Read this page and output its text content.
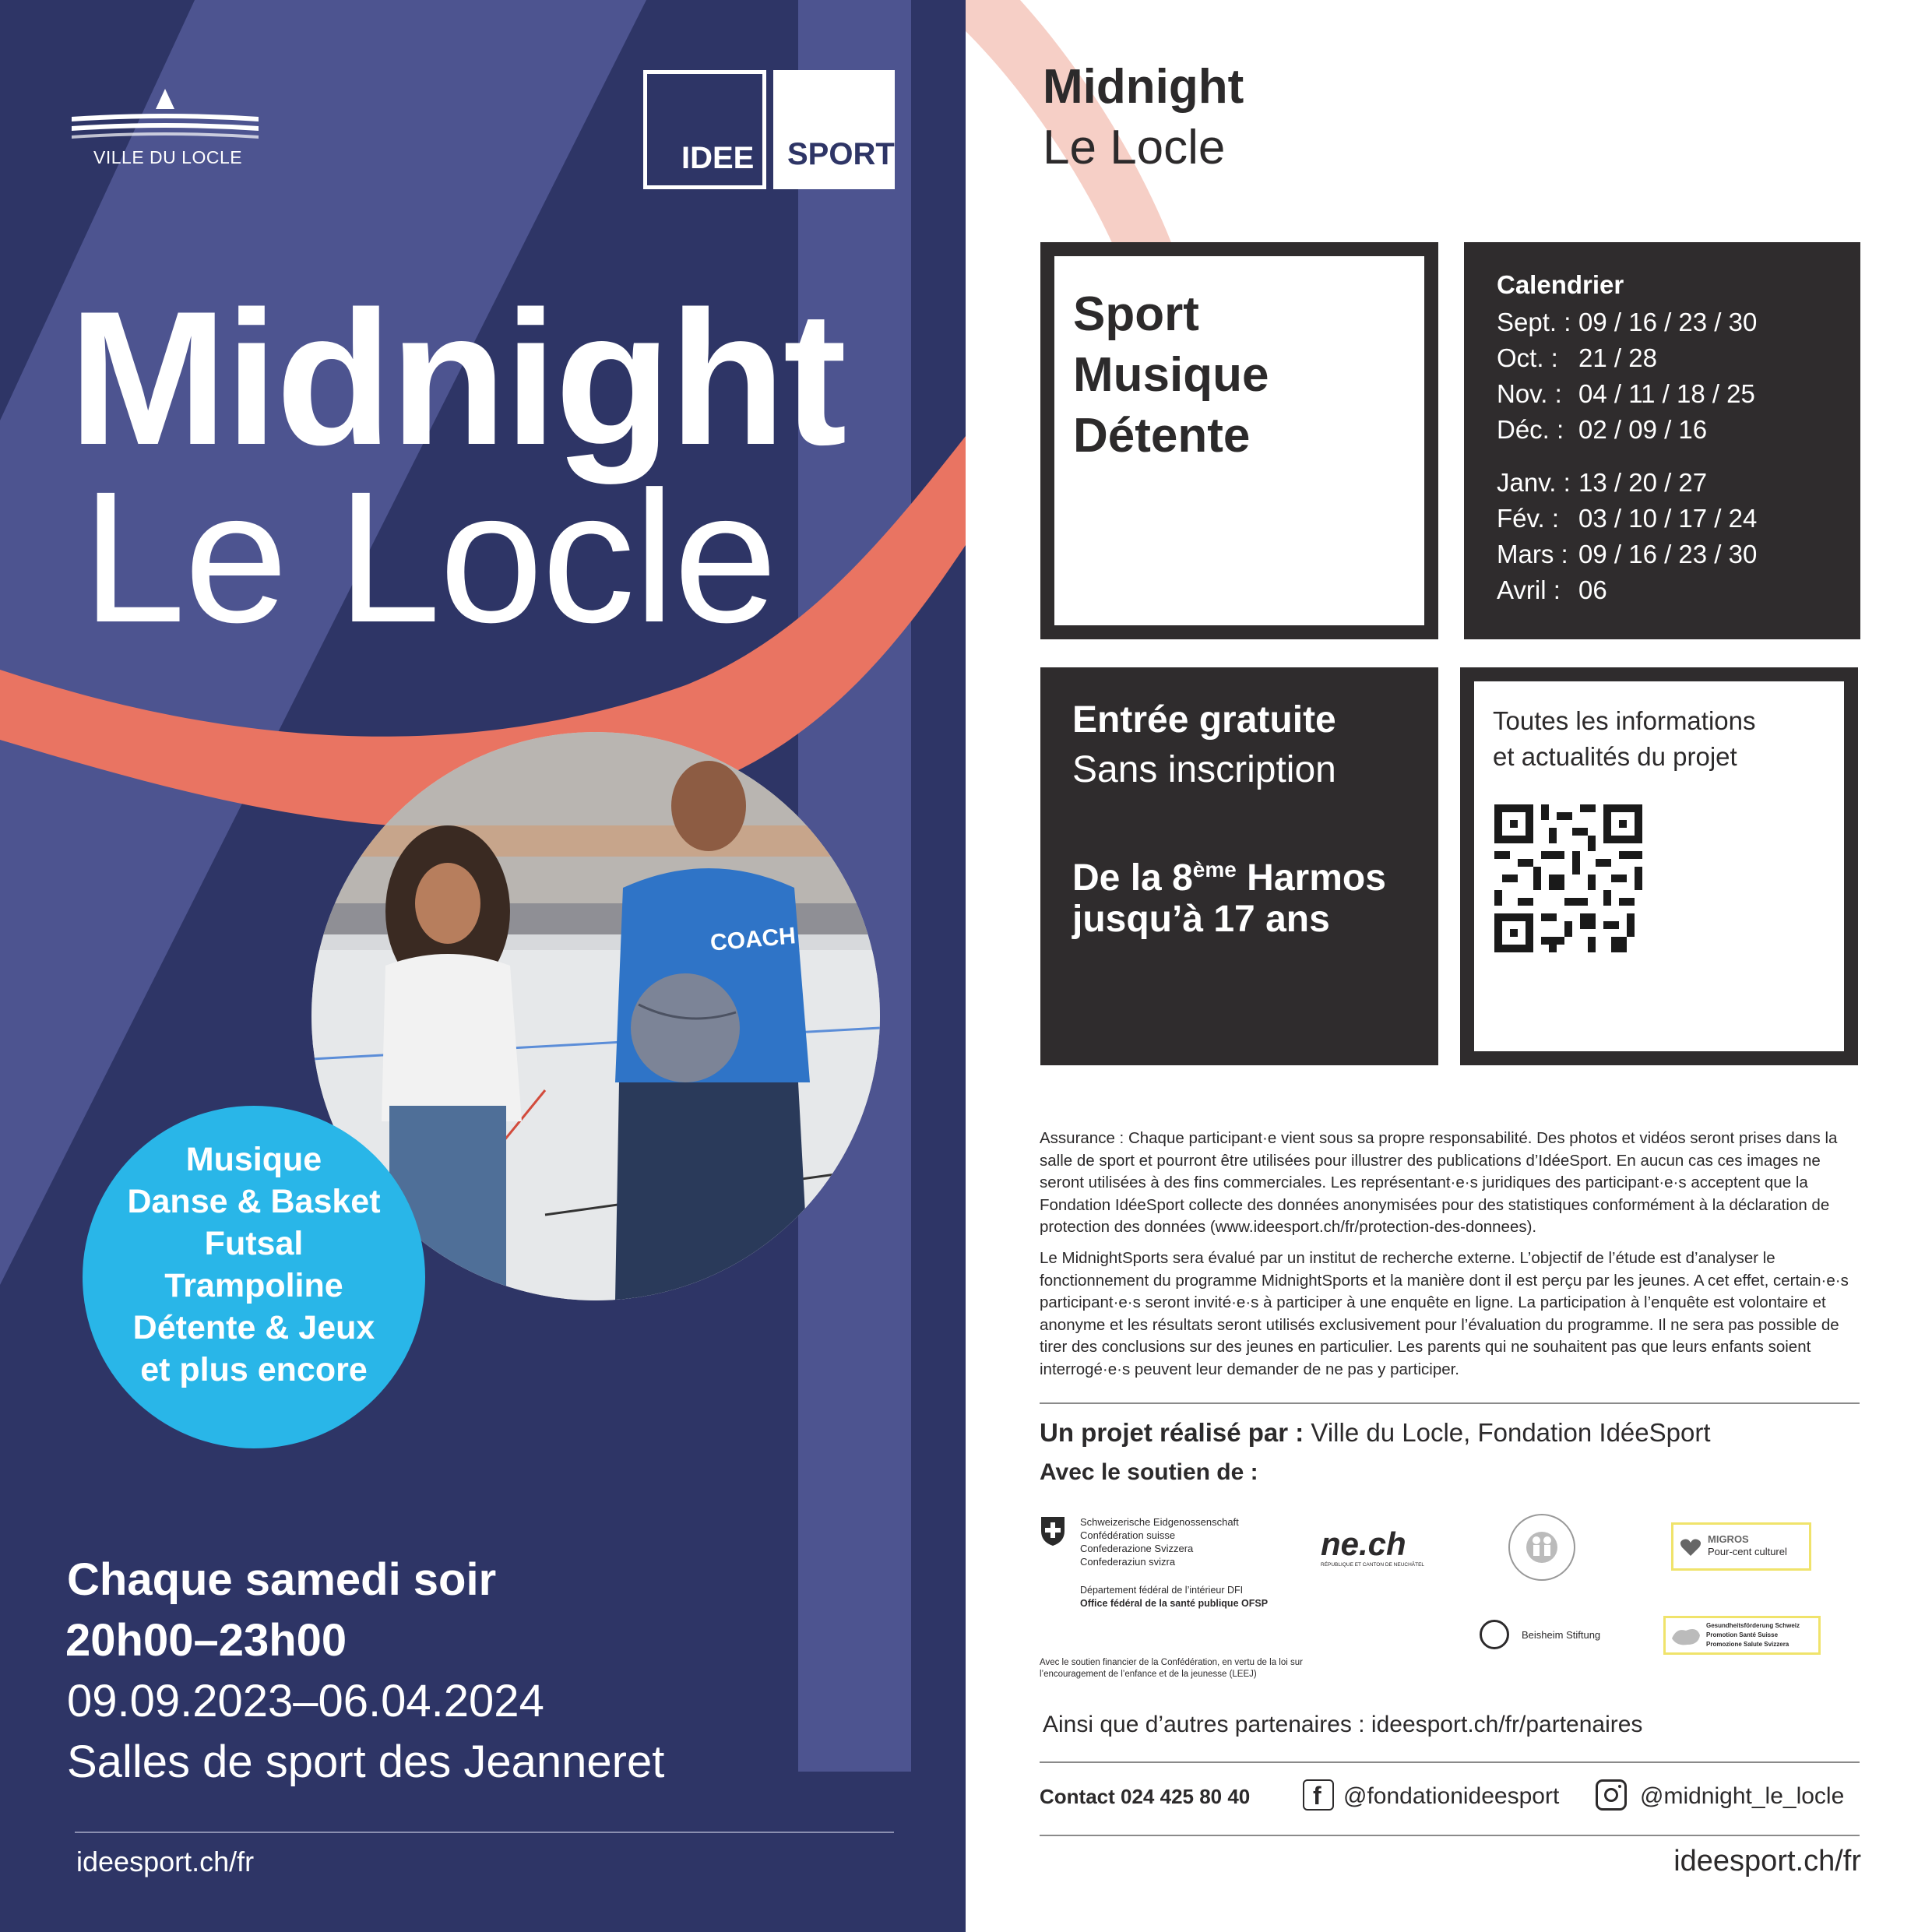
VILLE DU LOCLE	IDEE SPORT
Midnight
Le Locle
COACH
Musique
Danse & Basket
Futsal
Trampoline
Détente & Jeux
et plus encore
Chaque samedi soir
20h00–23h00
09.09.2023–06.04.2024
Salles de sport des Jeanneret
ideesport.ch/fr
Midnight
Le Locle
Sport
Musique
Détente
Calendrier
Sept. : 09 / 16 / 23 / 30
Oct. : 21 / 28
Nov. : 04 / 11 / 18 / 25
Déc. : 02 / 09 / 16
Janv. : 13 / 20 / 27
Fév. : 03 / 10 / 17 / 24
Mars : 09 / 16 / 23 / 30
Avril : 06
Entrée gratuite
Sans inscription
De la 8ème Harmos
jusqu’à 17 ans
Toutes les informations
et actualités du projet
Assurance : Chaque participant·e vient sous sa propre responsabilité. Des photos et vidéos seront prises dans la salle de sport et pourront être utilisées pour illustrer des publications d’IdéeSport. En aucun cas ces images ne seront utilisées à des fins commerciales. Les représentant·e·s juridiques des participant·e·s acceptent que la Fondation IdéeSport collecte des données anonymisées pour des statistiques conformément à la déclaration de protection des données (www.ideesport.ch/fr/protection-des-donnees).
Le MidnightSports sera évalué par un institut de recherche externe. L’objectif de l’étude est d’analyser le fonctionnement du programme MidnightSports et la manière dont il est perçu par les jeunes. A cet effet, certain·e·s participant·e·s seront invité·e·s à participer à une enquête en ligne. La participation à l’enquête est volontaire et anonyme et les résultats seront utilisés exclusivement pour l’évaluation du programme. Il ne sera pas possible de tirer des conclusions sur des jeunes en particulier. Les parents qui ne souhaitent pas que leurs enfants soient interrogé·e·s peuvent leur demander de ne pas y participer.
Un projet réalisé par : Ville du Locle, Fondation IdéeSport
Avec le soutien de :
Schweizerische Eidgenossenschaft
Confédération suisse
Confederazione Svizzera
Confederaziun svizra
Département fédéral de l’intérieur DFI
Office fédéral de la santé publique OFSP
Avec le soutien financier de la Confédération, en vertu de la loi sur l’encouragement de l’enfance et de la jeunesse (LEEJ)
ne.ch
RÉPUBLIQUE ET CANTON DE NEUCHÂTEL
MIGROS
Pour-cent culturel
Beisheim Stiftung
Gesundheitsförderung Schweiz
Promotion Santé Suisse
Promozione Salute Svizzera
Ainsi que d’autres partenaires : ideesport.ch/fr/partenaires
Contact 024 425 80 40	f @fondationideesport	@midnight_le_locle
ideesport.ch/fr
